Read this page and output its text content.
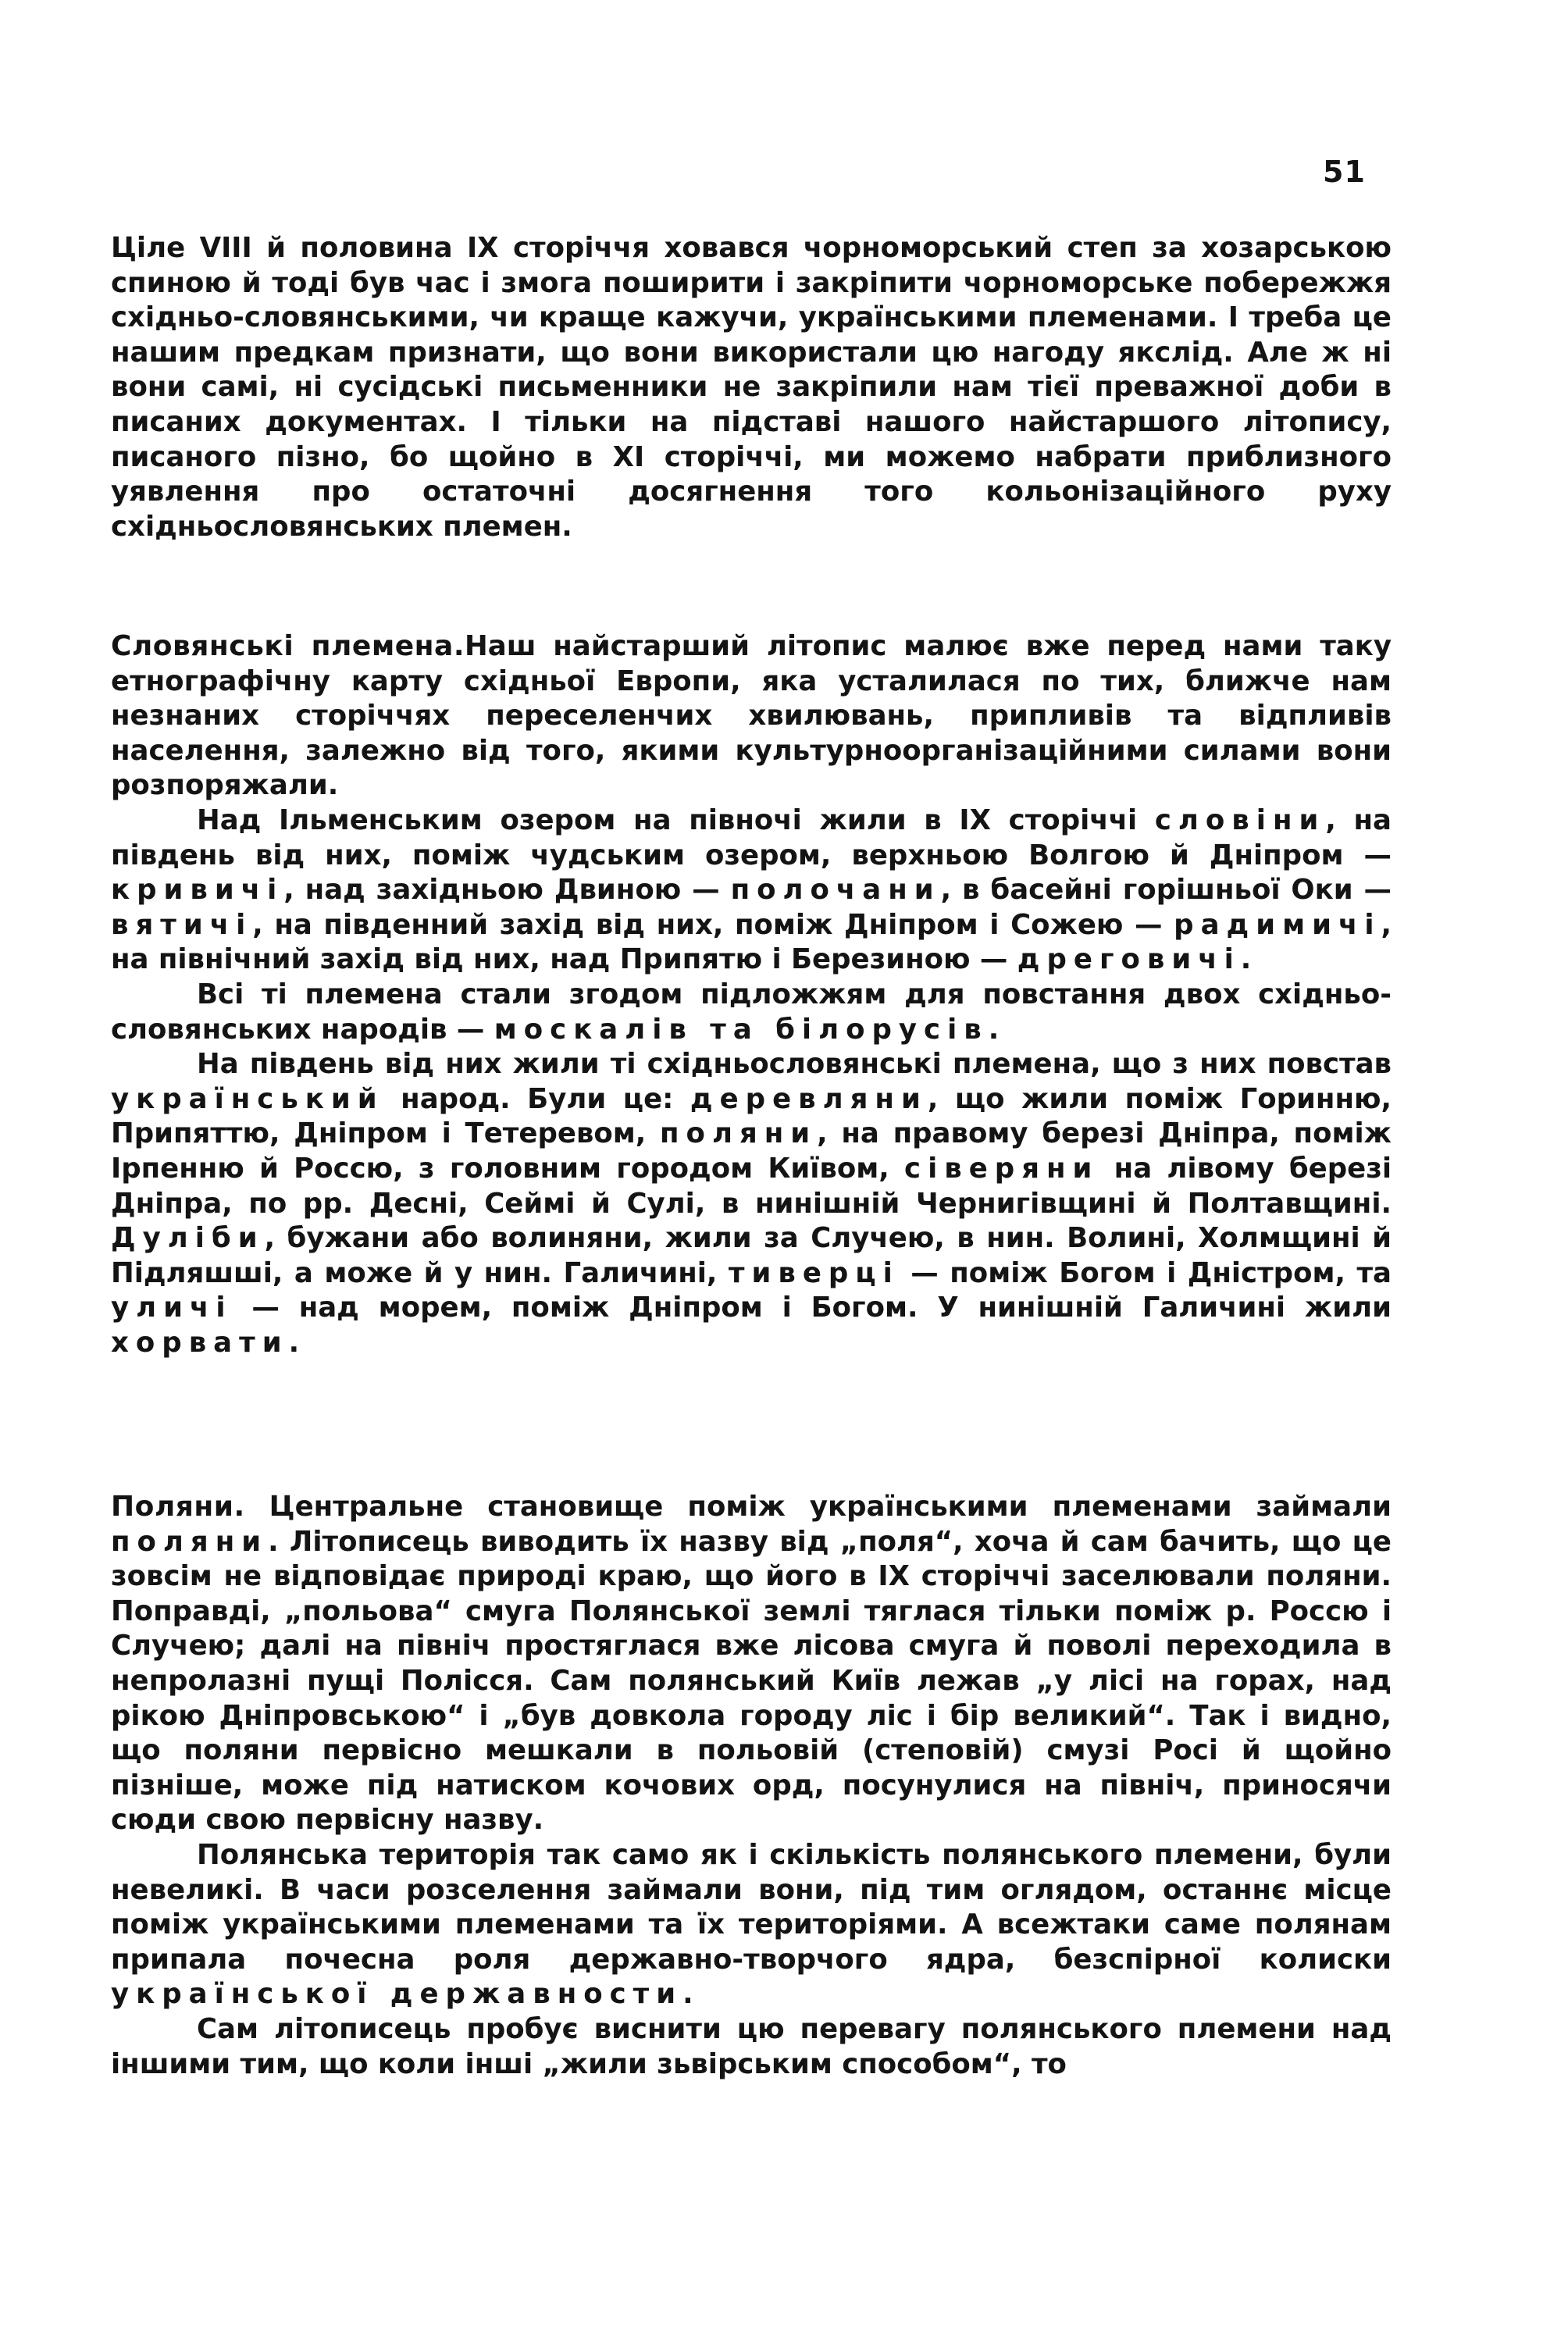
51

Ціле VIII й половина IX сторіччя ховався чорноморський степ за хозарською спиною й тоді був час і змога поширити і закріпити чорноморське побережжя східньо-словянськими, чи краще кажучи, українськими племенами. І треба це нашим предкам признати, що вони використали цю нагоду якслід. Але ж ні вони самі, ні сусідські письменники не закріпили нам тієї преважної доби в писаних документах. І тільки на підставі нашого найстаршого літопису, писаного пізно, бо щойно в XI сторіччі, ми можемо набрати приблизного уявлення про остаточні досягнення того кольонізаційного руху східньословянських племен.

Словянські племена.Наш найстарший літопис малює вже перед нами таку етнографічну карту східньої Европи, яка усталилася по тих, ближче нам незнаних сторіччях переселенчих хвилювань, припливів та відпливів населення, залежно від того, якими культурноорганізаційними силами вони розпоряжали.

Над Ільменським озером на півночі жили в IX сторіччі словіни, на південь від них, поміж чудським озером, верхньою Волгою й Дніпром — кривичі, над західньою Двиною — полочани, в басейні горішньої Оки — вятичі, на південний захід від них, поміж Дніпром і Сожею — радимичі, на північний захід від них, над Припятю і Березиною — дреговичі.

Всі ті племена стали згодом підложжям для повстання двох східньо-словянських народів — москалів та білорусів.

На південь від них жили ті східньословянські племена, що з них повстав український народ. Були це: деревляни, що жили поміж Горинню, Припяттю, Дніпром і Тетеревом, поляни, на правому березі Дніпра, поміж Ірпенню й Россю, з головним городом Київом, сіверяни на лівому березі Дніпра, по рр. Десні, Сеймі й Сулі, в нинішній Чернигівщині й Полтавщині. Дуліби, бужани або волиняни, жили за Случею, в нин. Волині, Холмщині й Підляшші, а може й у нин. Галичині, тиверці — поміж Богом і Дністром, та уличі — над морем, поміж Дніпром і Богом. У нинішній Галичині жили хорвати.

Поляни. Центральне становище поміж українськими племенами займали поляни. Літописець виводить їх назву від „поля“, хоча й сам бачить, що це зовсім не відповідає природі краю, що його в IX сторіччі заселювали поляни. Поправді, „польова“ смуга Полянської землі тяглася тільки поміж р. Россю і Случею; далі на північ простяглася вже лісова смуга й поволі переходила в непролазні пущі Полісся. Сам полянський Київ лежав „у лісі на горах, над рікою Дніпровською“ і „був довкола городу ліс і бір великий“. Так і видно, що поляни первісно мешкали в польовій (степовій) смузі Росі й щойно пізніше, може під натиском кочових орд, посунулися на північ, приносячи сюди свою первісну назву.

Полянська територія так само як і скількість полянського племени, були невеликі. В часи розселення займали вони, під тим оглядом, останнє місце поміж українськими племенами та їх територіями. А всежтаки саме полянам припала почесна роля державно-творчого ядра, безспірної колиски української державности.

Сам літописець пробує виснити цю перевагу полянського племени над іншими тим, що коли інші „жили зьвірським способом“, то
